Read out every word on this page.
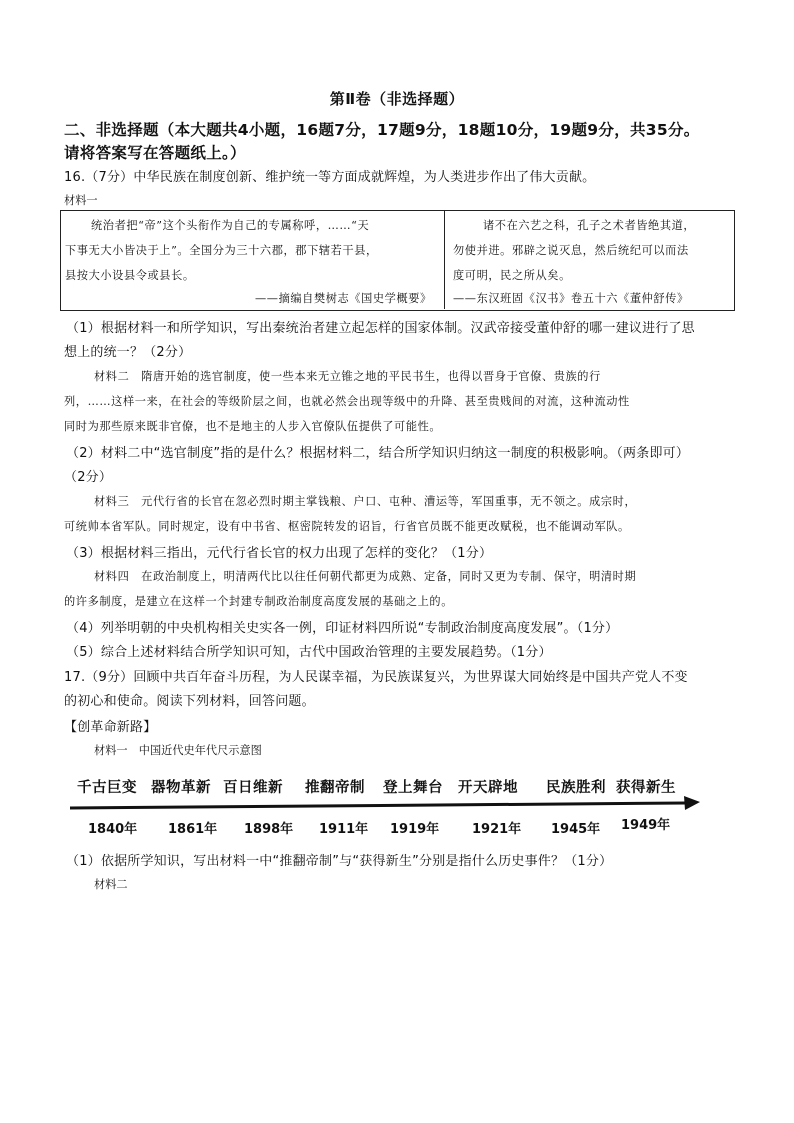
第Ⅱ卷（非选择题）
二、非选择题（本大题共4小题，16题7分，17题9分，18题10分，19题9分，共35分。
请将答案写在答题纸上。）
16.（7分）中华民族在制度创新、维护统一等方面成就辉煌，为人类进步作出了伟大贡献。
材料一
统治者把“帝”这个头衔作为自己的专属称呼，……“天
下事无大小皆决于上”。全国分为三十六郡，郡下辖若干县，
县按大小设县令或县长。
——摘编自樊树志《国史学概要》
诸不在六艺之科，孔子之术者皆绝其道，
勿使并进。邪辟之说灭息，然后统纪可以而法
度可明，民之所从矣。
——东汉班固《汉书》卷五十六《董仲舒传》
（1）根据材料一和所学知识，写出秦统治者建立起怎样的国家体制。汉武帝接受董仲舒的哪一建议进行了思
想上的统一？（2分）
材料二　隋唐开始的选官制度，使一些本来无立锥之地的平民书生，也得以晋身于官僚、贵族的行
列，……这样一来，在社会的等级阶层之间，也就必然会出现等级中的升降、甚至贵贱间的对流，这种流动性
同时为那些原来既非官僚，也不是地主的人步入官僚队伍提供了可能性。
（2）材料二中“选官制度”指的是什么？根据材料二，结合所学知识归纳这一制度的积极影响。（两条即可）
（2分）
材料三　元代行省的长官在忽必烈时期主掌钱粮、户口、屯种、漕运等，军国重事，无不领之。成宗时，
可统帅本省军队。同时规定，设有中书省、枢密院转发的诏旨，行省官员既不能更改赋税，也不能调动军队。
（3）根据材料三指出，元代行省长官的权力出现了怎样的变化？（1分）
材料四　在政治制度上，明清两代比以往任何朝代都更为成熟、定备，同时又更为专制、保守，明清时期
的许多制度，是建立在这样一个封建专制政治制度高度发展的基础之上的。
（4）列举明朝的中央机构相关史实各一例，印证材料四所说“专制政治制度高度发展”。（1分）
（5）综合上述材料结合所学知识可知，古代中国政治管理的主要发展趋势。（1分）
17.（9分）回顾中共百年奋斗历程，为人民谋幸福，为民族谋复兴，为世界谋大同始终是中国共产党人不变
的初心和使命。阅读下列材料，回答问题。
【创革命新路】
材料一　中国近代史年代尺示意图
千古巨变 器物革新 百日维新 推翻帝制 登上舞台 开天辟地 民族胜利 获得新生
1840年 1861年 1898年 1911年 1919年	1921年 1945年 1949年
（1）依据所学知识，写出材料一中“推翻帝制”与“获得新生”分别是指什么历史事件？（1分）
材料二
